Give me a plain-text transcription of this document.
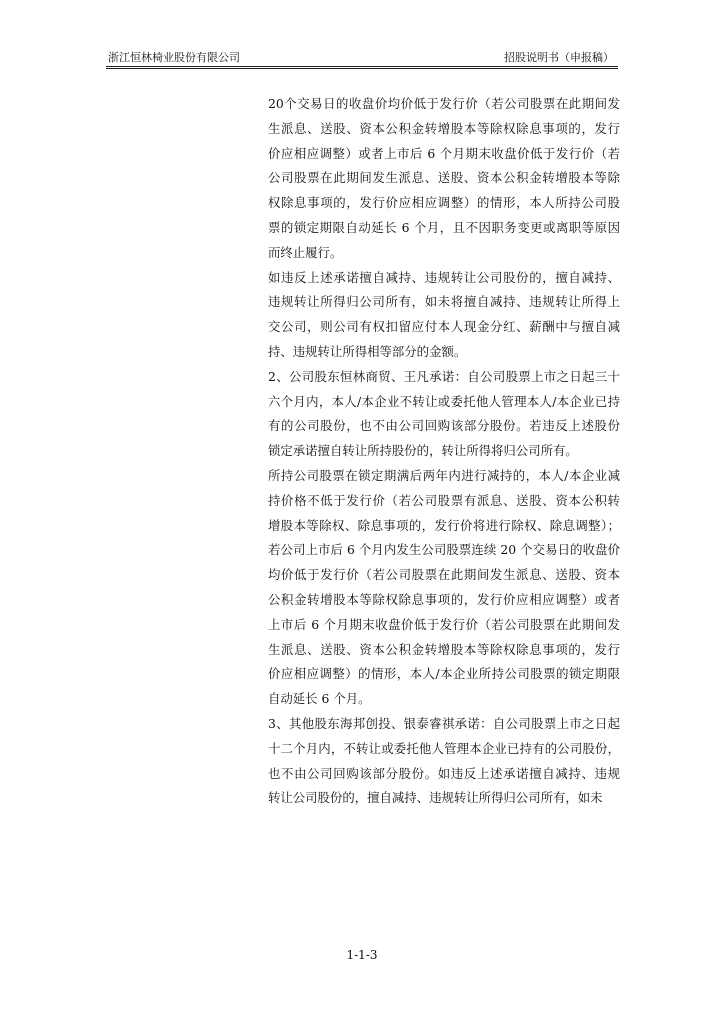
浙江恒林椅业股份有限公司	招股说明书（申报稿）
20个交易日的收盘价均价低于发行价（若公司股票在此期间发
生派息、送股、资本公积金转增股本等除权除息事项的，发行
价应相应调整）或者上市后 6 个月期末收盘价低于发行价（若
公司股票在此期间发生派息、送股、资本公积金转增股本等除
权除息事项的，发行价应相应调整）的情形，本人所持公司股
票的锁定期限自动延长 6 个月，且不因职务变更或离职等原因
而终止履行。
如违反上述承诺擅自减持、违规转让公司股份的，擅自减持、
违规转让所得归公司所有，如未将擅自减持、违规转让所得上
交公司，则公司有权扣留应付本人现金分红、薪酬中与擅自减
持、违规转让所得相等部分的金额。
2、公司股东恒林商贸、王凡承诺：自公司股票上市之日起三十
六个月内，本人/本企业不转让或委托他人管理本人/本企业已持
有的公司股份，也不由公司回购该部分股份。若违反上述股份
锁定承诺擅自转让所持股份的，转让所得将归公司所有。
所持公司股票在锁定期满后两年内进行减持的，本人/本企业减
持价格不低于发行价（若公司股票有派息、送股、资本公积转
增股本等除权、除息事项的，发行价将进行除权、除息调整）；
若公司上市后 6 个月内发生公司股票连续 20 个交易日的收盘价
均价低于发行价（若公司股票在此期间发生派息、送股、资本
公积金转增股本等除权除息事项的，发行价应相应调整）或者
上市后 6 个月期末收盘价低于发行价（若公司股票在此期间发
生派息、送股、资本公积金转增股本等除权除息事项的，发行
价应相应调整）的情形，本人/本企业所持公司股票的锁定期限
自动延长 6 个月。
3、其他股东海邦创投、银泰睿祺承诺：自公司股票上市之日起
十二个月内，不转让或委托他人管理本企业已持有的公司股份，
也不由公司回购该部分股份。如违反上述承诺擅自减持、违规
转让公司股份的，擅自减持、违规转让所得归公司所有，如未
1-1-3
